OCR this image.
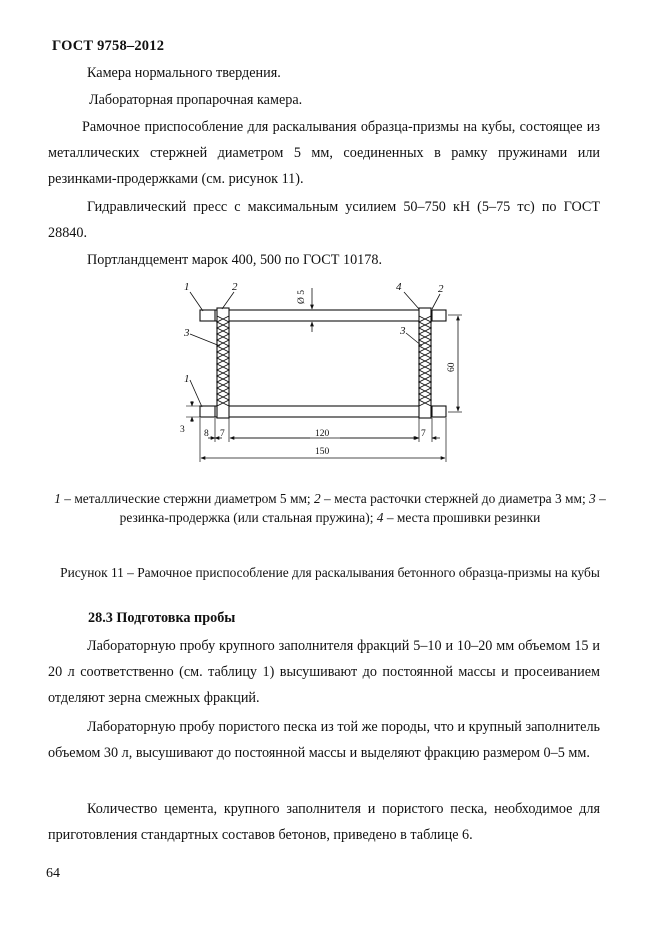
ГОСТ 9758–2012
Камера нормального твердения.
Лабораторная пропарочная камера.
Рамочное приспособление для раскалывания образца-призмы на кубы, состоящее из металлических стержней диаметром 5 мм, соединенных в рамку пружинами или резинками-продержками (см. рисунок 11).
Гидравлический пресс с максимальным усилием 50–750 кН (5–75 тс) по ГОСТ 28840.
Портландцемент марок 400, 500 по ГОСТ 10178.
1	2	4	2
3	3
1
Ø 5
60
3 8 7	120	7
150
1 – металлические стержни диаметром 5 мм; 2 – места расточки стержней до диаметра 3 мм; 3 – резинка-продержка (или стальная пружина); 4 – места прошивки резинки
Рисунок 11 – Рамочное приспособление для раскалывания бетонного образца-призмы на кубы
28.3 Подготовка пробы
Лабораторную пробу крупного заполнителя фракций 5–10 и 10–20 мм объемом 15 и 20 л соответственно (см. таблицу 1) высушивают до постоянной массы и просеиванием отделяют зерна смежных фракций.
Лабораторную пробу пористого песка из той же породы, что и крупный заполнитель объемом 30 л, высушивают до постоянной массы и выделяют фракцию размером 0–5 мм.
Количество цемента, крупного заполнителя и пористого песка, необходимое для приготовления стандартных составов бетонов, приведено в таблице 6.
64
